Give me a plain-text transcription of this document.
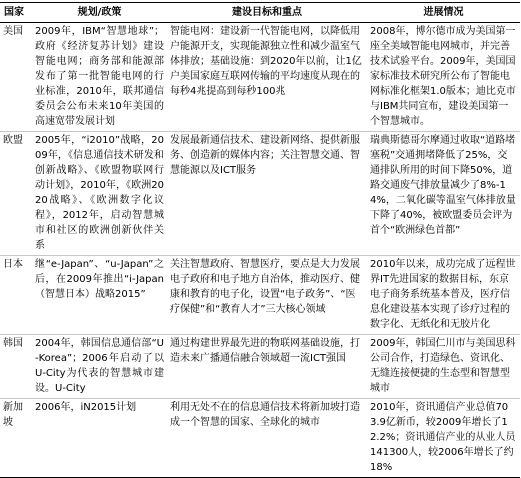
国家	规划/政策	建设目标和重点	进展情况
美国	2009年，IBM“智慧地球”；政府《经济复苏计划》建设智能电网；商务部和能源部发布了第一批智能电网的行业标准，2010年，联邦通信委员会公布未来10年美国的高速宽带发展计划	智能电网：建设新一代智能电网，以降低用户能源开支，实现能源独立性和减少温室气体排放；基础设施：到2020年以前，让1亿户美国家庭互联网传输的平均速度从现在的每秒4兆提高到每秒100兆	2008年，博尔德市成为美国第一座全美域智能电网城市，并完善技术试验平台。2009年，美国国家标准技术研究所公布了智能电网标准化框架1.0版本；迪比克市与IBM共同宣布，建设美国第一个智慧城市。
欧盟	2005年，“i2010”战略，2009年，《信息通信技术研发和创新战略》、《欧盟物联网行动计划》，2010年，《欧洲2020战略》、《欧洲数字化议程》，2012年，启动智慧城市和社区的欧洲创新伙伴关系	发展最新通信技术、建设新网络、提供新服务、创造新的媒体内容；关注智慧交通、智慧能源以及ICT服务	瑞典斯德哥尔摩通过收取“道路堵塞税”交通拥堵降低了25%，交通排队所用的时间下降50%，道路交通废气排放量减少了8%-14%，二氧化碳等温室气体排放量下降了40%，被欧盟委员会评为首个“欧洲绿色首都”
日本	继“e-Japan”、“u-Japan”之后，在2009年推出“i-Japan（智慧日本）战略2015”	关注智慧政府、智慧医疗，要点是大力发展电子政府和电子地方自治体，推动医疗、健康和教育的电子化，设置“电子政务”、“医疗保健”和“教育人才”三大核心领域	2010年以来，成功完成了远程世界IT先进国家的数据目标，东京电子商务系统基本普及，医疗信息化建设基本实现了诊疗过程的数字化、无纸化和无胶片化
韩国	2004年，韩国信息通信部“U-Korea”；2006年启动了以U-City为代表的智慧城市建设。U-City	通过构建世界最先进的物联网基础设施，打造未来广播通信融合领域超一流ICT强国	2009年，韩国仁川市与美国思科公司合作，打造绿色、资讯化、无缝连接便捷的生态型和智慧型城市
新加坡	2006年，iN2015计划	利用无处不在的信息通信技术将新加坡打造成一个智慧的国家、全球化的城市	2010年，资讯通信产业总值703.9亿新币，较2009年增长了12.2%；资讯通信产业的从业人员141300人，较2006年增长了约18%
